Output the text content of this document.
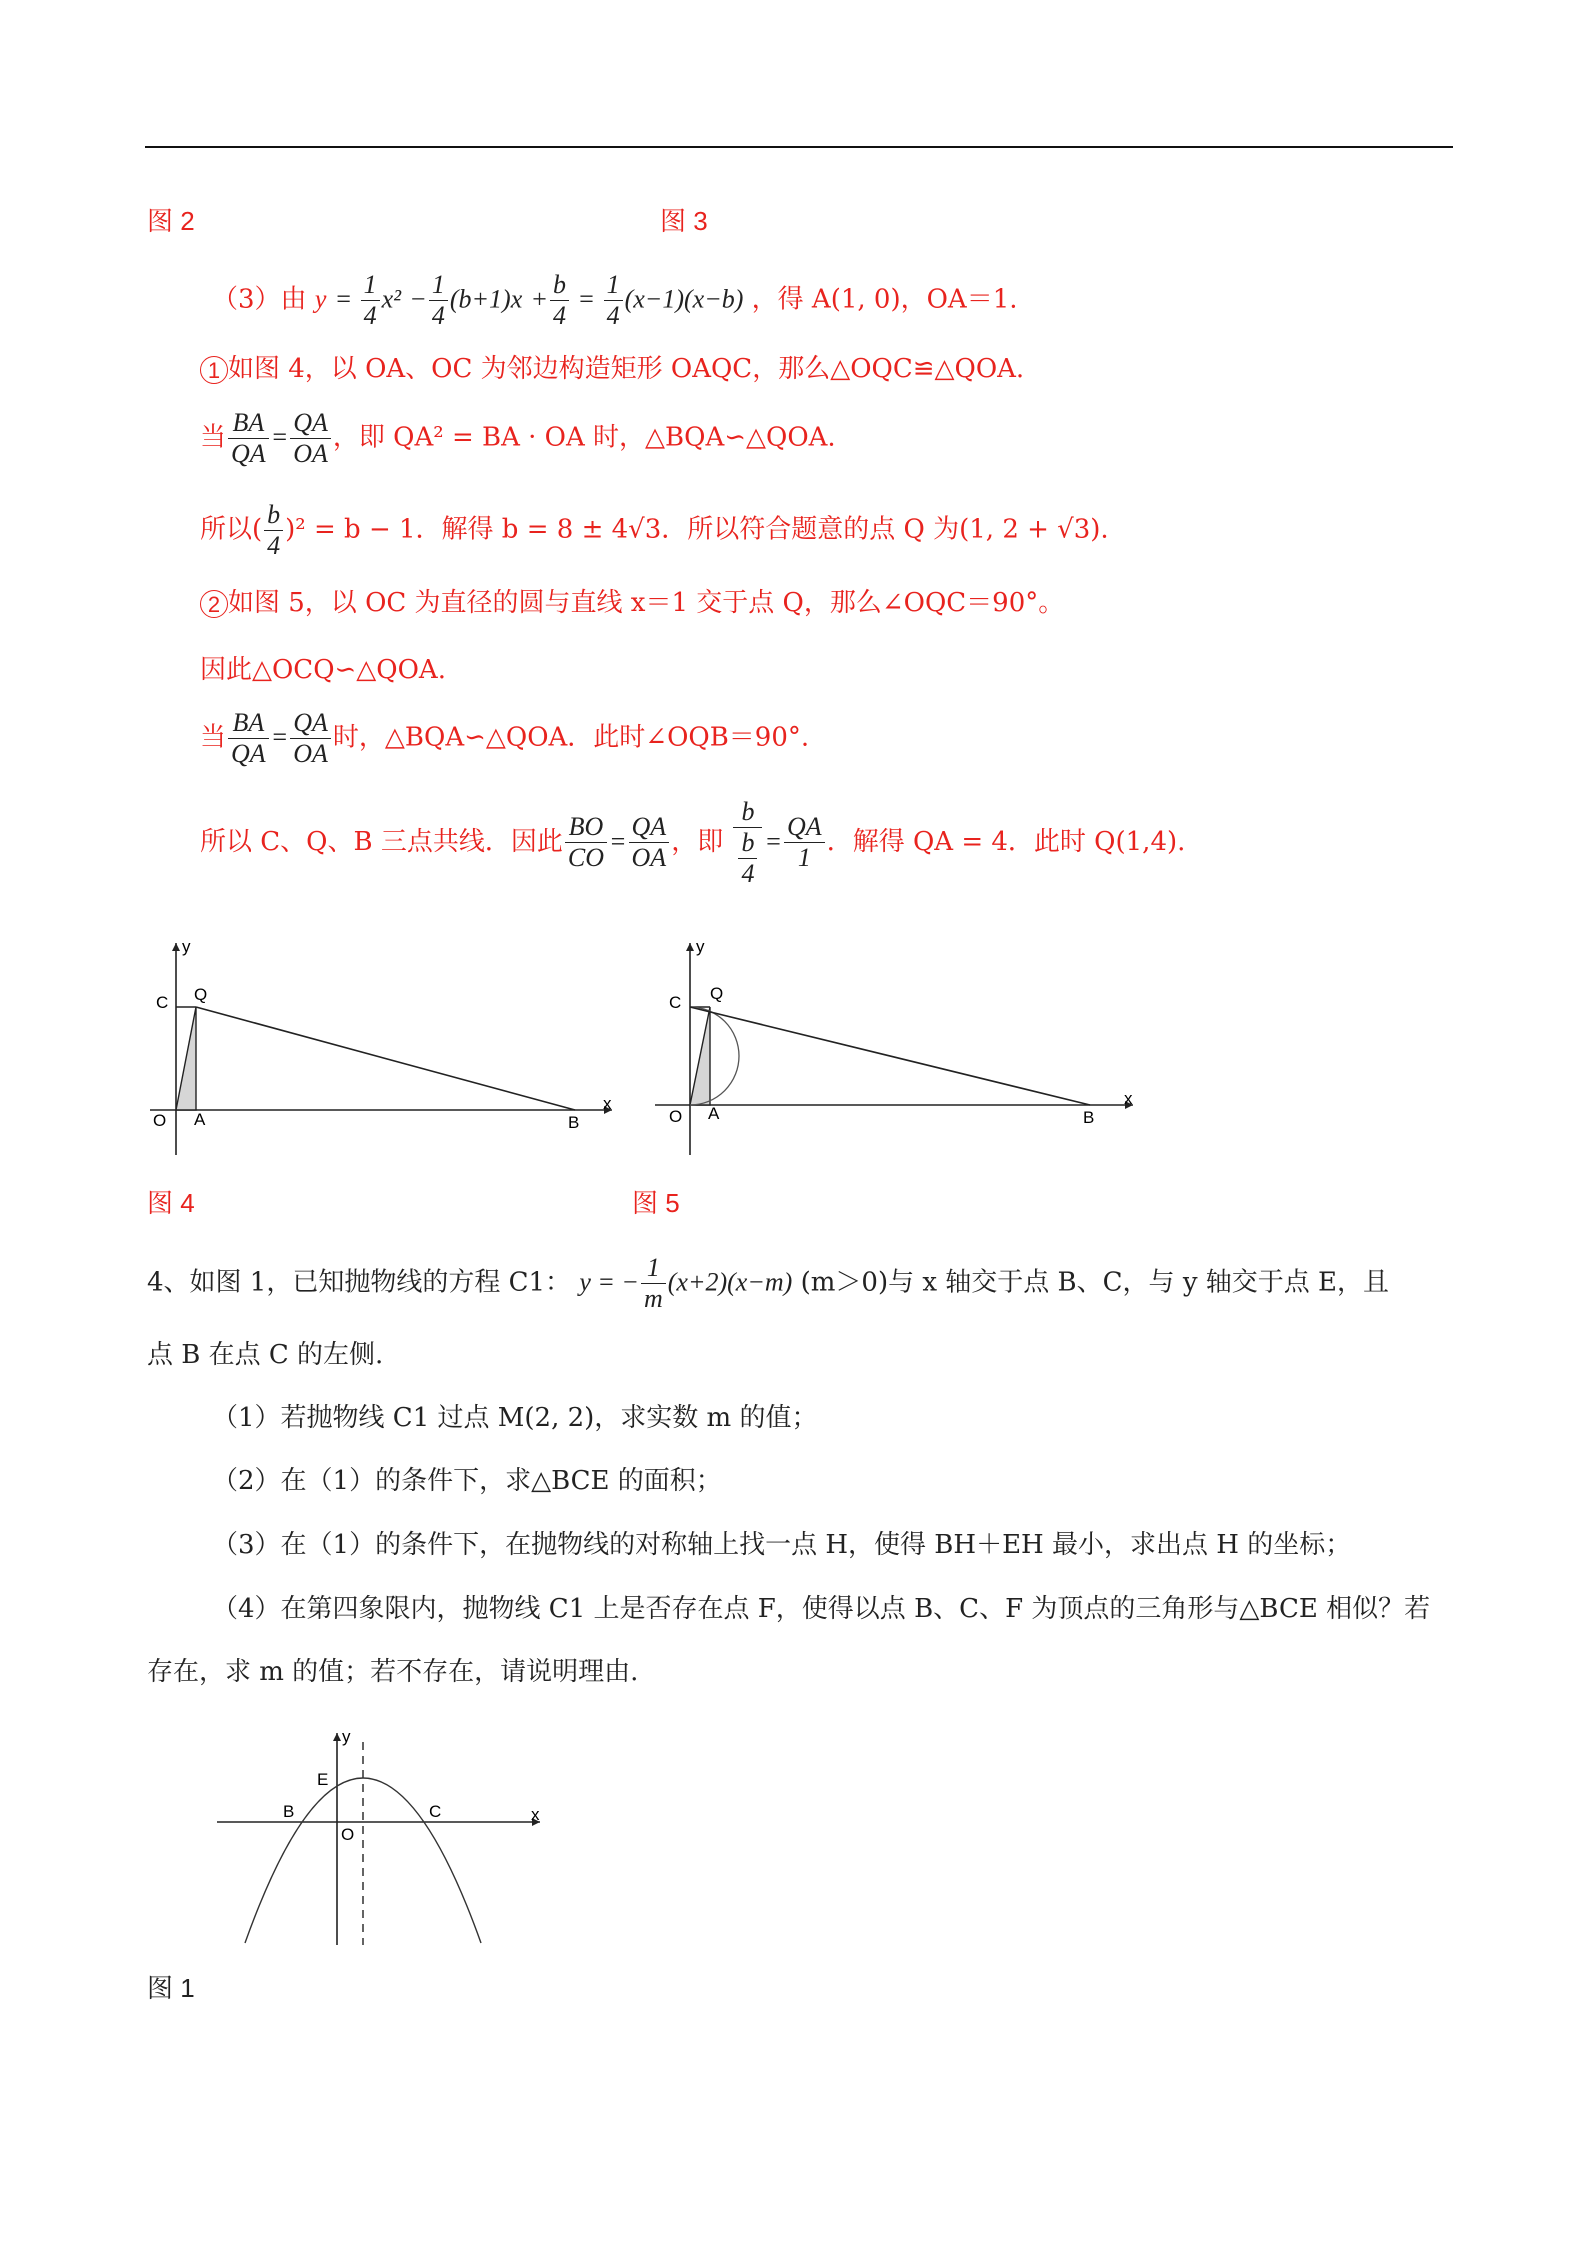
图 2	图 3
（3）由 $y = \frac{1}{4} x^2 - \frac{1}{4} (b+1)x + \frac{b}{4} = \frac{1}{4} (x-1)(x-b)$ ，得 A(1, 0)，OA＝1.
1 如图 4，以 OA、OC 为邻边构造矩形 OAQC，那么△OQC≌△QOA.
当 $\frac{BA}{QA} = \frac{QA}{OA}$ ，即 QA² = BA · OA 时，△BQA∽△QOA.
所以( $\frac{b}{4} )^2 = b - 1$．解得 b = 8 ± 4√3．所以符合题意的点 Q 为(1, 2 + √3).
2 如图 5，以 OC 为直径的圆与直线 x＝1 交于点 Q，那么∠OQC＝90°。
因此△OCQ∽△QOA.
当 $\frac{BA}{QA} = \frac{QA}{OA}$ 时，△BQA∽△QOA．此时∠OQB＝90°.
所以 C、Q、B 三点共线．因此 $\frac{BO}{CO} = \frac{QA}{OA}$ ，即 $\frac{b}{\frac{b}{4}} = \frac{QA}{1}$ ．解得 QA = 4．此时 Q(1,4).
O A	B
C Q
x
y
O A	B
C Q
x
y
图 4	图 5
4、如图 1，已知抛物线的方程 C1： y = − $\frac{1}{m} (x+2)(x-m)$ (m＞0)与 x 轴交于点 B、C，与 y 轴交于点 E，且
点 B 在点 C 的左侧.
（1）若抛物线 C1 过点 M(2, 2)，求实数 m 的值；
（2）在（1）的条件下，求△BCE 的面积；
（3）在（1）的条件下，在抛物线的对称轴上找一点 H，使得 BH＋EH 最小，求出点 H 的坐标；
（4）在第四象限内，抛物线 C1 上是否存在点 F，使得以点 B、C、F 为顶点的三角形与△BCE 相似？若
存在，求 m 的值；若不存在，请说明理由.
B	C
E
O
x
y
图 1
